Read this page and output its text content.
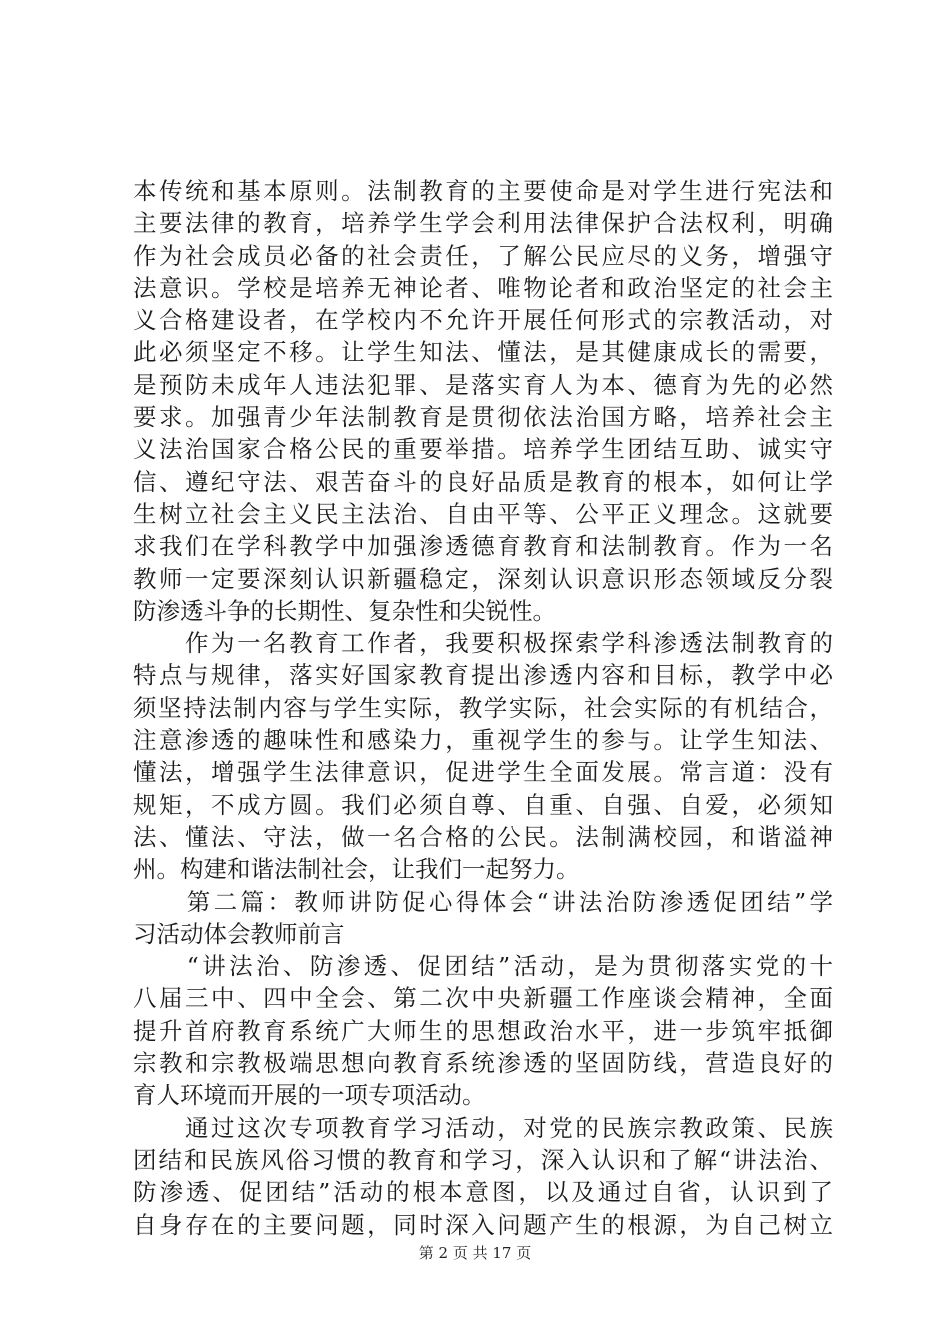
本传统和基本原则。法制教育的主要使命是对学生进行宪法和
主要法律的教育，培养学生学会利用法律保护合法权利，明确
作为社会成员必备的社会责任，了解公民应尽的义务，增强守
法意识。学校是培养无神论者、唯物论者和政治坚定的社会主
义合格建设者，在学校内不允许开展任何形式的宗教活动，对
此必须坚定不移。让学生知法、懂法，是其健康成长的需要，
是预防未成年人违法犯罪、是落实育人为本、德育为先的必然
要求。加强青少年法制教育是贯彻依法治国方略，培养社会主
义法治国家合格公民的重要举措。培养学生团结互助、诚实守
信、遵纪守法、艰苦奋斗的良好品质是教育的根本，如何让学
生树立社会主义民主法治、自由平等、公平正义理念。这就要
求我们在学科教学中加强渗透德育教育和法制教育。作为一名
教师一定要深刻认识新疆稳定，深刻认识意识形态领域反分裂
防渗透斗争的长期性、复杂性和尖锐性。
　　作为一名教育工作者，我要积极探索学科渗透法制教育的
特点与规律，落实好国家教育提出渗透内容和目标，教学中必
须坚持法制内容与学生实际，教学实际，社会实际的有机结合，
注意渗透的趣味性和感染力，重视学生的参与。让学生知法、
懂法，增强学生法律意识，促进学生全面发展。常言道：没有
规矩，不成方圆。我们必须自尊、自重、自强、自爱，必须知
法、懂法、守法，做一名合格的公民。法制满校园，和谐溢神
州。构建和谐法制社会，让我们一起努力。
　　第二篇：教师讲防促心得体会“讲法治防渗透促团结”学
习活动体会教师前言
　　“讲法治、防渗透、促团结”活动，是为贯彻落实党的十
八届三中、四中全会、第二次中央新疆工作座谈会精神，全面
提升首府教育系统广大师生的思想政治水平，进一步筑牢抵御
宗教和宗教极端思想向教育系统渗透的坚固防线，营造良好的
育人环境而开展的一项专项活动。
　　通过这次专项教育学习活动，对党的民族宗教政策、民族
团结和民族风俗习惯的教育和学习，深入认识和了解“讲法治、
防渗透、促团结”活动的根本意图，以及通过自省，认识到了
自身存在的主要问题，同时深入问题产生的根源，为自己树立
第 2 页 共 17 页
